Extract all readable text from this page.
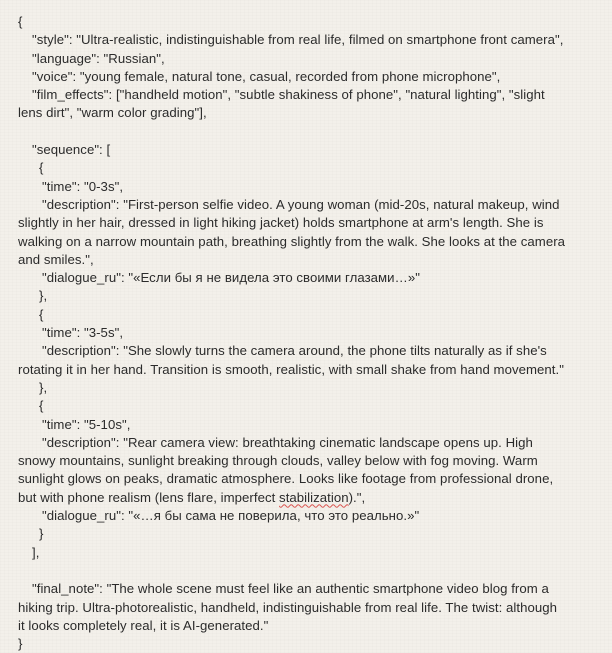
{
"style": "Ultra-realistic, indistinguishable from real life, filmed on smartphone front camera",
"language": "Russian",
"voice": "young female, natural tone, casual, recorded from phone microphone",
"film_effects": ["handheld motion", "subtle shakiness of phone", "natural lighting", "slight
lens dirt", "warm color grading"],
"sequence": [
{
"time": "0-3s",
"description": "First-person selfie video. A young woman (mid-20s, natural makeup, wind
slightly in her hair, dressed in light hiking jacket) holds smartphone at arm's length. She is
walking on a narrow mountain path, breathing slightly from the walk. She looks at the camera
and smiles.",
"dialogue_ru": "«Если бы я не видела это своими глазами…»"
},
{
"time": "3-5s",
"description": "She slowly turns the camera around, the phone tilts naturally as if she's
rotating it in her hand. Transition is smooth, realistic, with small shake from hand movement."
},
{
"time": "5-10s",
"description": "Rear camera view: breathtaking cinematic landscape opens up. High
snowy mountains, sunlight breaking through clouds, valley below with fog moving. Warm
sunlight glows on peaks, dramatic atmosphere. Looks like footage from professional drone,
but with phone realism (lens flare, imperfect stabilization).",
"dialogue_ru": "«…я бы сама не поверила, что это реально.»"
}
],
"final_note": "The whole scene must feel like an authentic smartphone video blog from a
hiking trip. Ultra-photorealistic, handheld, indistinguishable from real life. The twist: although
it looks completely real, it is AI-generated."
}
